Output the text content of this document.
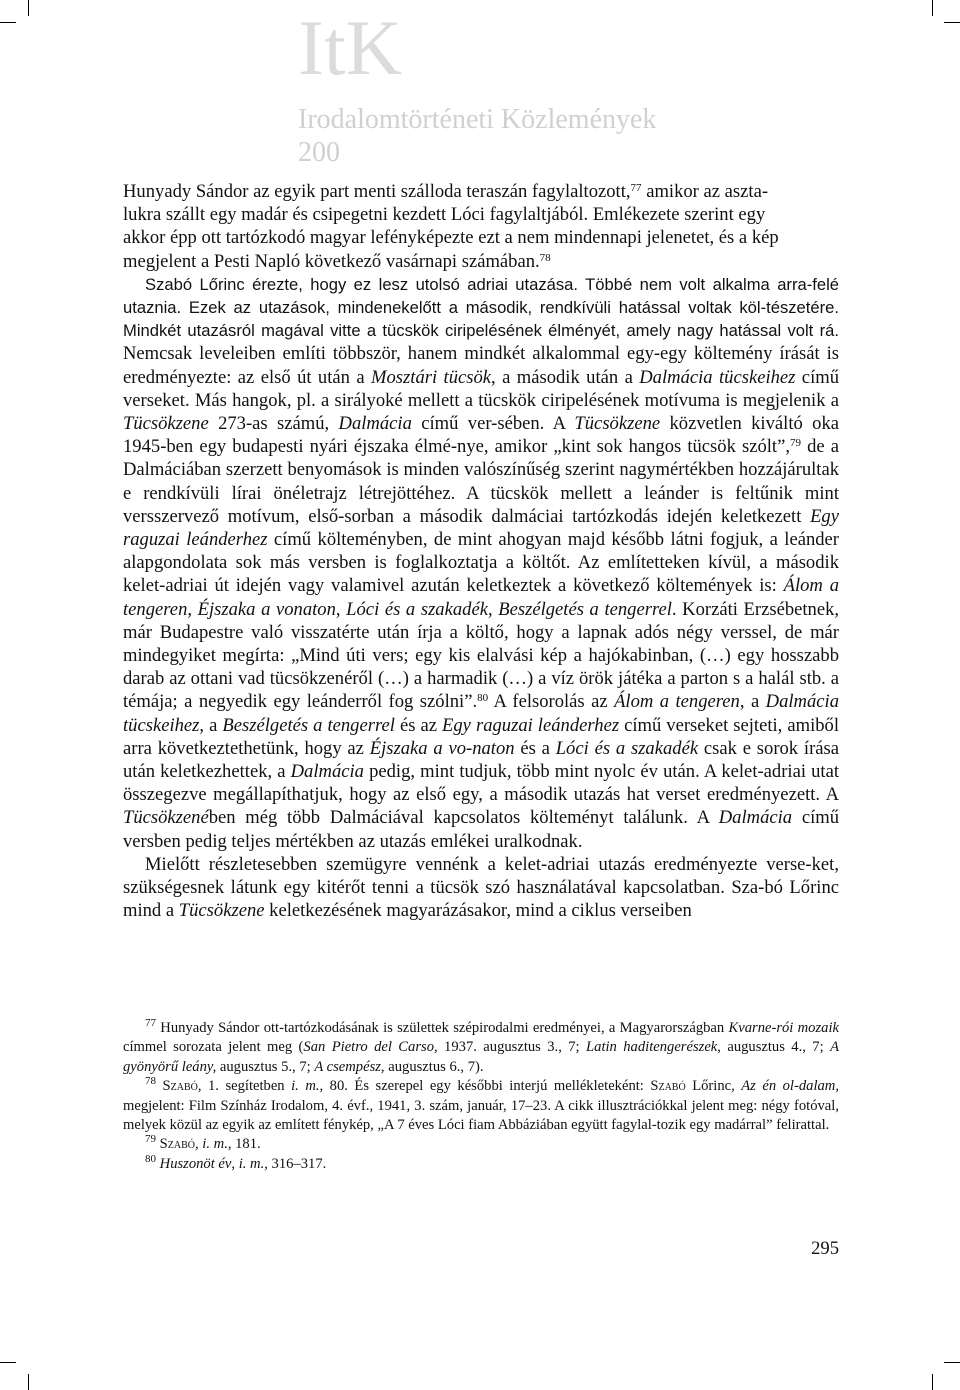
ItK
Irodalomtörténeti Közlemények
200

Hunyady Sándor az egyik part menti szálloda teraszán fagylaltozott,$^{77}$ amikor az aszta-
lukra szállt egy madár és csipegetni kezdett Lóci fagylaltjából. Emlékezete szerint egy
akkor épp ott tartózkodó magyar lefényképezte ezt a nem mindennapi jelenetet, és a kép
megjelent a Pesti Napló következő vasárnapi számában.$^{78}$

Szabó Lőrinc érezte, hogy ez lesz utolsó adriai utazása. Többé nem volt alkalma arra-felé utaznia. Ezek az utazások, mindenekelőtt a második, rendkívüli hatással voltak köl-tészetére. Mindkét utazásról magával vitte a tücskök ciripelésének élményét, amely nagy hatással volt rá. Nemcsak leveleiben említi többször, hanem mindkét alkalommal egy-egy költemény írását is eredményezte: az első út után a Mosztári tücsök, a második után a Dalmácia tücskeihez című verseket. Más hangok, pl. a sirályoké mellett a tücskök ciripelésének motívuma is megjelenik a Tücsökzene 273-as számú, Dalmácia című ver-sében. A Tücsökzene közvetlen kiváltó oka 1945-ben egy budapesti nyári éjszaka élmé-nye, amikor „kint sok hangos tücsök szólt”,$^{79}$ de a Dalmáciában szerzett benyomások is minden valószínűség szerint nagymértékben hozzájárultak e rendkívüli lírai önéletrajz létrejöttéhez. A tücskök mellett a leánder is feltűnik mint versszervező motívum, első-sorban a második dalmáciai tartózkodás idején keletkezett Egy raguzai leánderhez című költeményben, de mint ahogyan majd később látni fogjuk, a leánder alapgondolata sok más versben is foglalkoztatja a költőt. Az említetteken kívül, a második kelet-adriai út idején vagy valamivel azután keletkeztek a következő költemények is: Álom a tengeren, Éjszaka a vonaton, Lóci és a szakadék, Beszélgetés a tengerrel. Korzáti Erzsébetnek, már Budapestre való visszatérte után írja a költő, hogy a lapnak adós négy verssel, de már mindegyiket megírta: „Mind úti vers; egy kis elalvási kép a hajókabinban, (…) egy hosszabb darab az ottani vad tücsökzenéről (…) a harmadik (…) a víz örök játéka a parton s a halál stb. a témája; a negyedik egy leánderről fog szólni”.$^{80}$ A felsorolás az Álom a tengeren, a Dalmácia tücskeihez, a Beszélgetés a tengerrel és az Egy raguzai leánderhez című verseket sejteti, amiből arra következtethetünk, hogy az Éjszaka a vo-naton és a Lóci és a szakadék csak e sorok írása után keletkezhettek, a Dalmácia pedig, mint tudjuk, több mint nyolc év után. A kelet-adriai utat összegezve megállapíthatjuk, hogy az első egy, a második utazás hat verset eredményezett. A Tücsökzenében még több Dalmáciával kapcsolatos költeményt találunk. A Dalmácia című versben pedig teljes mértékben az utazás emlékei uralkodnak.

Mielőtt részletesebben szemügyre vennénk a kelet-adriai utazás eredményezte verse-ket, szükségesnek látunk egy kitérőt tenni a tücsök szó használatával kapcsolatban. Sza-bó Lőrinc mind a Tücsökzene keletkezésének magyarázásakor, mind a ciklus verseiben

$^{77}$ Hunyady Sándor ott-tartózkodásának is születtek szépirodalmi eredményei, a Magyarországban Kvarne-rói mozaik címmel sorozata jelent meg (San Pietro del Carso, 1937. augusztus 3., 7; Latin haditengerészek, augusztus 4., 7; A gyönyörű leány, augusztus 5., 7; A csempész, augusztus 6., 7).

$^{78}$ Szabó, 1. segítetben i. m., 80. És szerepel egy későbbi interjú mellékleteként: Szabó Lőrinc, Az én ol-dalam, megjelent: Film Színház Irodalom, 4. évf., 1941, 3. szám, január, 17–23. A cikk illusztrációkkal jelent meg: négy fotóval, melyek közül az egyik az említett fénykép, „A 7 éves Lóci fiam Abbáziában együtt fagylal-tozik egy madárral” felirattal.

$^{79}$ Szabó, i. m., 181.

$^{80}$ Huszonöt év, i. m., 316–317.

295
